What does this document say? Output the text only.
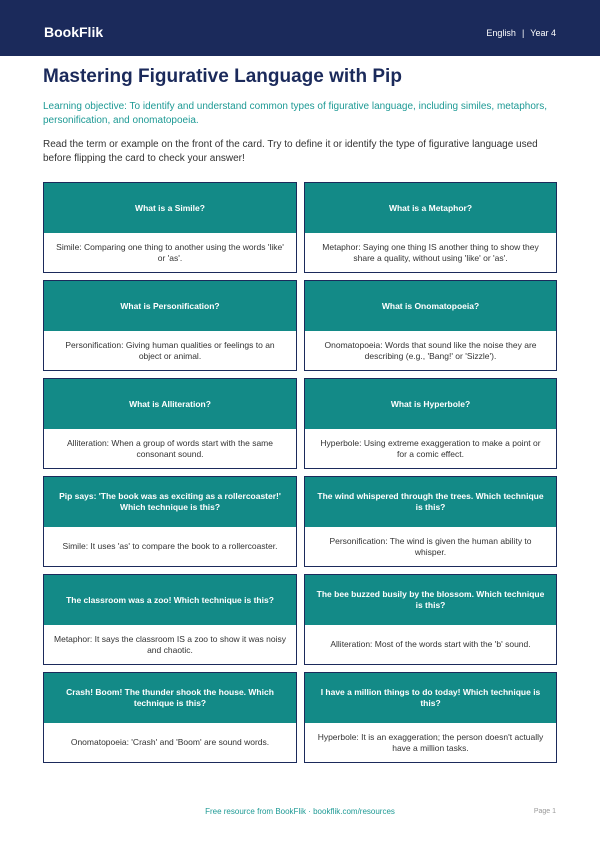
BookFlik	English | Year 4
Mastering Figurative Language with Pip
Learning objective: To identify and understand common types of figurative language, including similes, metaphors, personification, and onomatopoeia.
Read the term or example on the front of the card. Try to define it or identify the type of figurative language used before flipping the card to check your answer!
What is a Simile?
Simile: Comparing one thing to another using the words 'like' or 'as'.
What is a Metaphor?
Metaphor: Saying one thing IS another thing to show they share a quality, without using 'like' or 'as'.
What is Personification?
Personification: Giving human qualities or feelings to an object or animal.
What is Onomatopoeia?
Onomatopoeia: Words that sound like the noise they are describing (e.g., 'Bang!' or 'Sizzle').
What is Alliteration?
Alliteration: When a group of words start with the same consonant sound.
What is Hyperbole?
Hyperbole: Using extreme exaggeration to make a point or for a comic effect.
Pip says: 'The book was as exciting as a rollercoaster!' Which technique is this?
Simile: It uses 'as' to compare the book to a rollercoaster.
The wind whispered through the trees. Which technique is this?
Personification: The wind is given the human ability to whisper.
The classroom was a zoo! Which technique is this?
Metaphor: It says the classroom IS a zoo to show it was noisy and chaotic.
The bee buzzed busily by the blossom. Which technique is this?
Alliteration: Most of the words start with the 'b' sound.
Crash! Boom! The thunder shook the house. Which technique is this?
Onomatopoeia: 'Crash' and 'Boom' are sound words.
I have a million things to do today! Which technique is this?
Hyperbole: It is an exaggeration; the person doesn't actually have a million tasks.
Free resource from BookFlik · bookflik.com/resources	Page 1
